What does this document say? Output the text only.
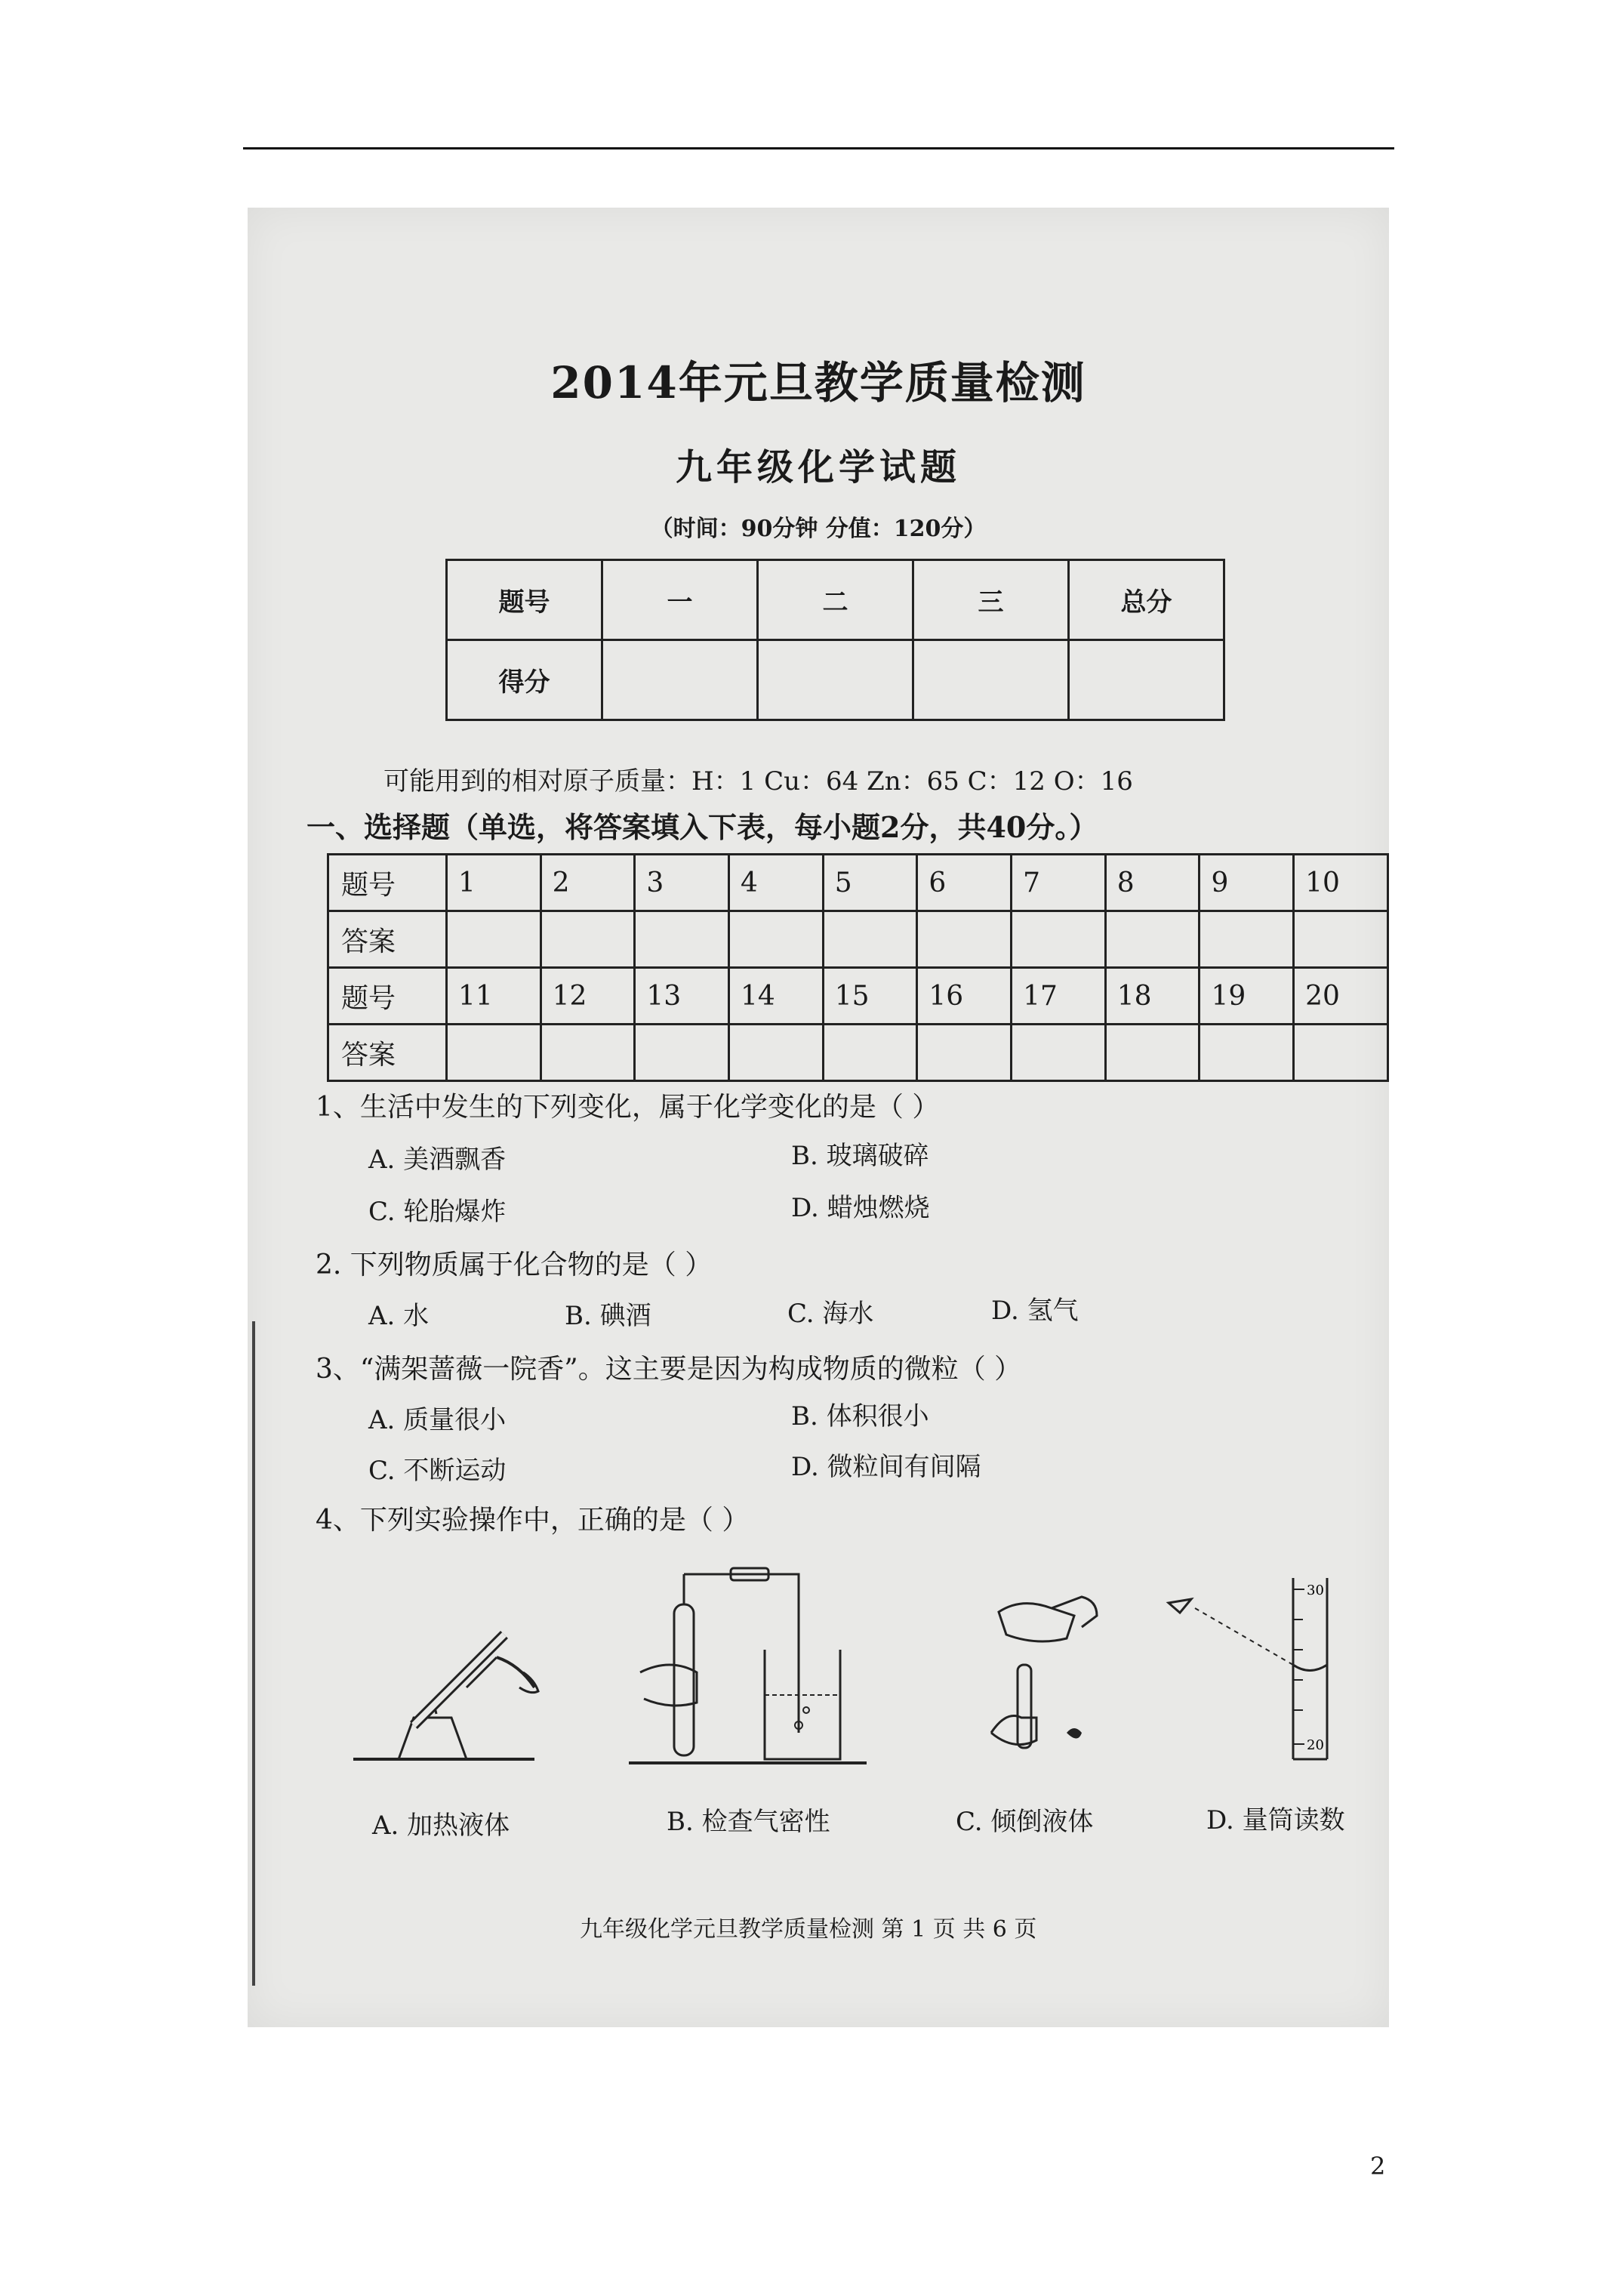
2014年元旦教学质量检测
九年级化学试题
（时间：90分钟 分值：120分）
题号	一	二	三	总分
得分				
可能用到的相对原子质量：H：1 Cu：64 Zn：65 C：12 O：16
一、选择题（单选，将答案填入下表，每小题2分，共40分。）
题号	1	2	3	4	5	6	7	8	9	10
答案										
题号	11	12	13	14	15	16	17	18	19	20
答案										
1、生活中发生的下列变化，属于化学变化的是（ ）
A. 美酒飘香	B. 玻璃破碎
C. 轮胎爆炸	D. 蜡烛燃烧
2. 下列物质属于化合物的是（ ）
A. 水	B. 碘酒	C. 海水	D. 氢气
3、“满架蔷薇一院香”。这主要是因为构成物质的微粒（ ）
A. 质量很小	B. 体积很小
C. 不断运动	D. 微粒间有间隔
4、下列实验操作中，正确的是（ ）
30
20
A. 加热液体	B. 检查气密性	C. 倾倒液体	D. 量筒读数
九年级化学元旦教学质量检测 第 1 页 共 6 页
2
